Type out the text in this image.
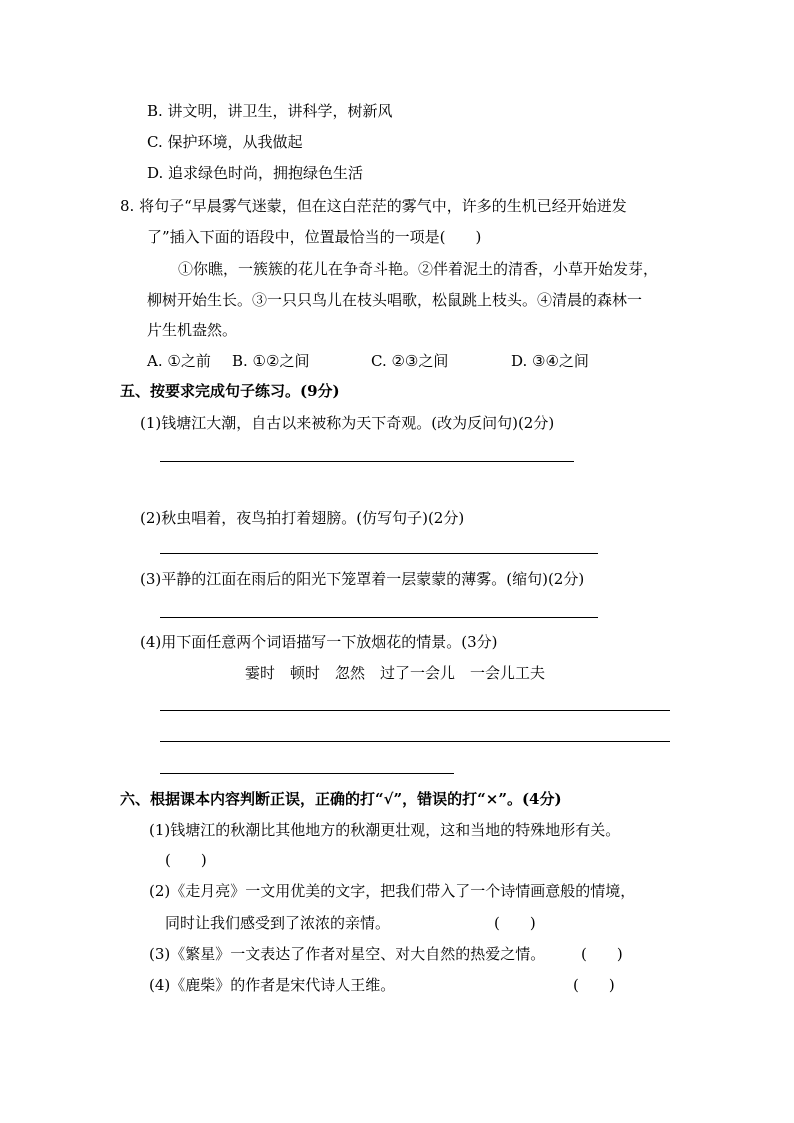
B. 讲文明，讲卫生，讲科学，树新风
C. 保护环境，从我做起
D. 追求绿色时尚，拥抱绿色生活
8. 将句子“早晨雾气迷蒙，但在这白茫茫的雾气中，许多的生机已经开始迸发
了”插入下面的语段中，位置最恰当的一项是(　　)
①你瞧，一簇簇的花儿在争奇斗艳。②伴着泥土的清香，小草开始发芽，
柳树开始生长。③一只只鸟儿在枝头唱歌，松鼠跳上枝头。④清晨的森林一
片生机盎然。
A. ①之前 B. ①②之间	C. ②③之间	D. ③④之间
五、按要求完成句子练习。(9分)
(1)钱塘江大潮，自古以来被称为天下奇观。(改为反问句)(2分)
(2)秋虫唱着，夜鸟拍打着翅膀。(仿写句子)(2分)
(3)平静的江面在雨后的阳光下笼罩着一层蒙蒙的薄雾。(缩句)(2分)
(4)用下面任意两个词语描写一下放烟花的情景。(3分)
霎时　顿时　忽然　过了一会儿　一会儿工夫
六、根据课本内容判断正误，正确的打“√”，错误的打“×”。(4分)
(1)钱塘江的秋潮比其他地方的秋潮更壮观，这和当地的特殊地形有关。
(　　)
(2)《走月亮》一文用优美的文字，把我们带入了一个诗情画意般的情境，
同时让我们感受到了浓浓的亲情。	(　　)
(3)《繁星》一文表达了作者对星空、对大自然的热爱之情。 (　　)
(4)《鹿柴》的作者是宋代诗人王维。	(　　)
